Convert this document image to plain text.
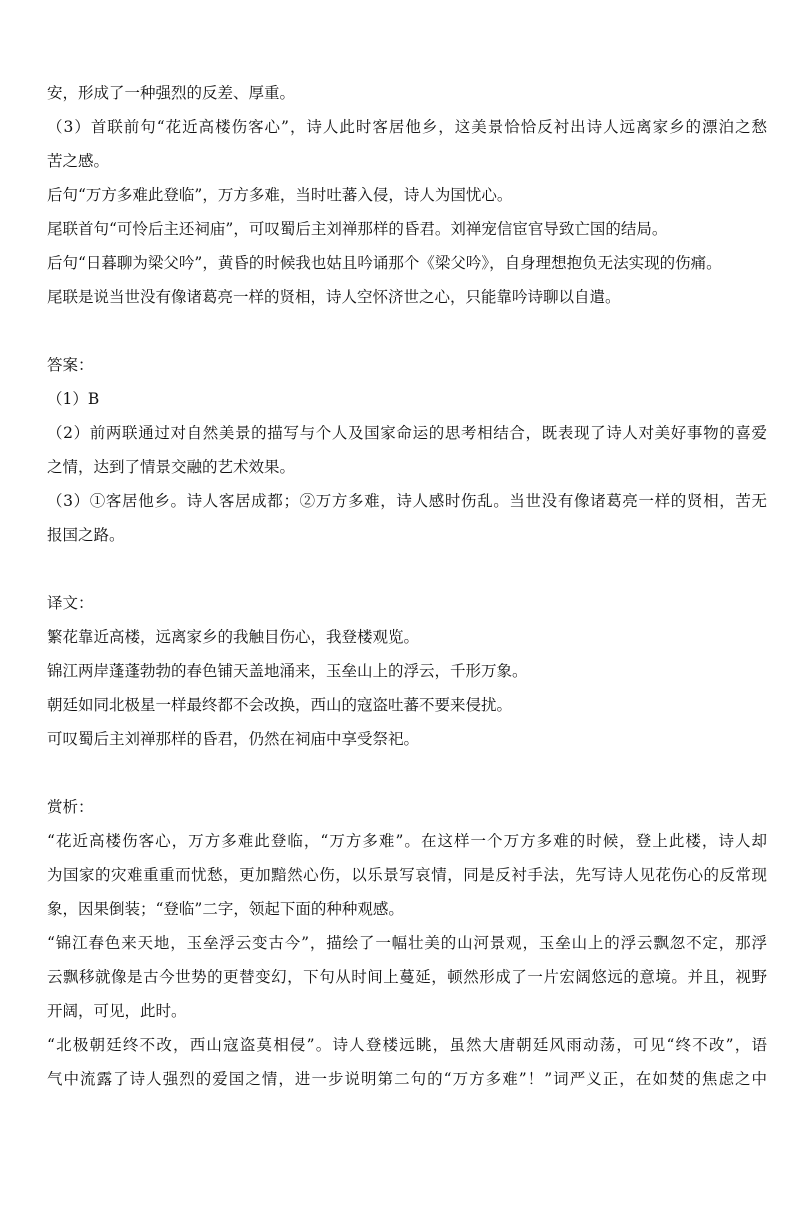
安，形成了一种强烈的反差、厚重。
（3）首联前句“花近高楼伤客心”，诗人此时客居他乡，这美景恰恰反衬出诗人远离家乡的漂泊之愁
苦之感。
后句“万方多难此登临”，万方多难，当时吐蕃入侵，诗人为国忧心。
尾联首句“可怜后主还祠庙”，可叹蜀后主刘禅那样的昏君。刘禅宠信宦官导致亡国的结局。
后句“日暮聊为梁父吟”，黄昏的时候我也姑且吟诵那个《梁父吟》，自身理想抱负无法实现的伤痛。
尾联是说当世没有像诸葛亮一样的贤相，诗人空怀济世之心，只能靠吟诗聊以自遣。
答案：
（1）B
（2）前两联通过对自然美景的描写与个人及国家命运的思考相结合，既表现了诗人对美好事物的喜爱
之情，达到了情景交融的艺术效果。
（3）①客居他乡。诗人客居成都；②万方多难，诗人感时伤乱。当世没有像诸葛亮一样的贤相，苦无
报国之路。
译文：
繁花靠近高楼，远离家乡的我触目伤心，我登楼观览。
锦江两岸蓬蓬勃勃的春色铺天盖地涌来，玉垒山上的浮云，千形万象。
朝廷如同北极星一样最终都不会改换，西山的寇盗吐蕃不要来侵扰。
可叹蜀后主刘禅那样的昏君，仍然在祠庙中享受祭祀。
赏析：
“花近高楼伤客心，万方多难此登临，“万方多难”。在这样一个万方多难的时候，登上此楼，诗人却
为国家的灾难重重而忧愁，更加黯然心伤，以乐景写哀情，同是反衬手法，先写诗人见花伤心的反常现
象，因果倒装；“登临”二字，领起下面的种种观感。
“锦江春色来天地，玉垒浮云变古今”，描绘了一幅壮美的山河景观，玉垒山上的浮云飘忽不定，那浮
云飘移就像是古今世势的更替变幻，下句从时间上蔓延，顿然形成了一片宏阔悠远的意境。并且，视野
开阔，可见，此时。
“北极朝廷终不改，西山寇盗莫相侵”。诗人登楼远眺，虽然大唐朝廷风雨动荡，可见“终不改”，语
气中流露了诗人强烈的爱国之情，进一步说明第二句的“万方多难”！”词严义正，在如焚的焦虑之中
